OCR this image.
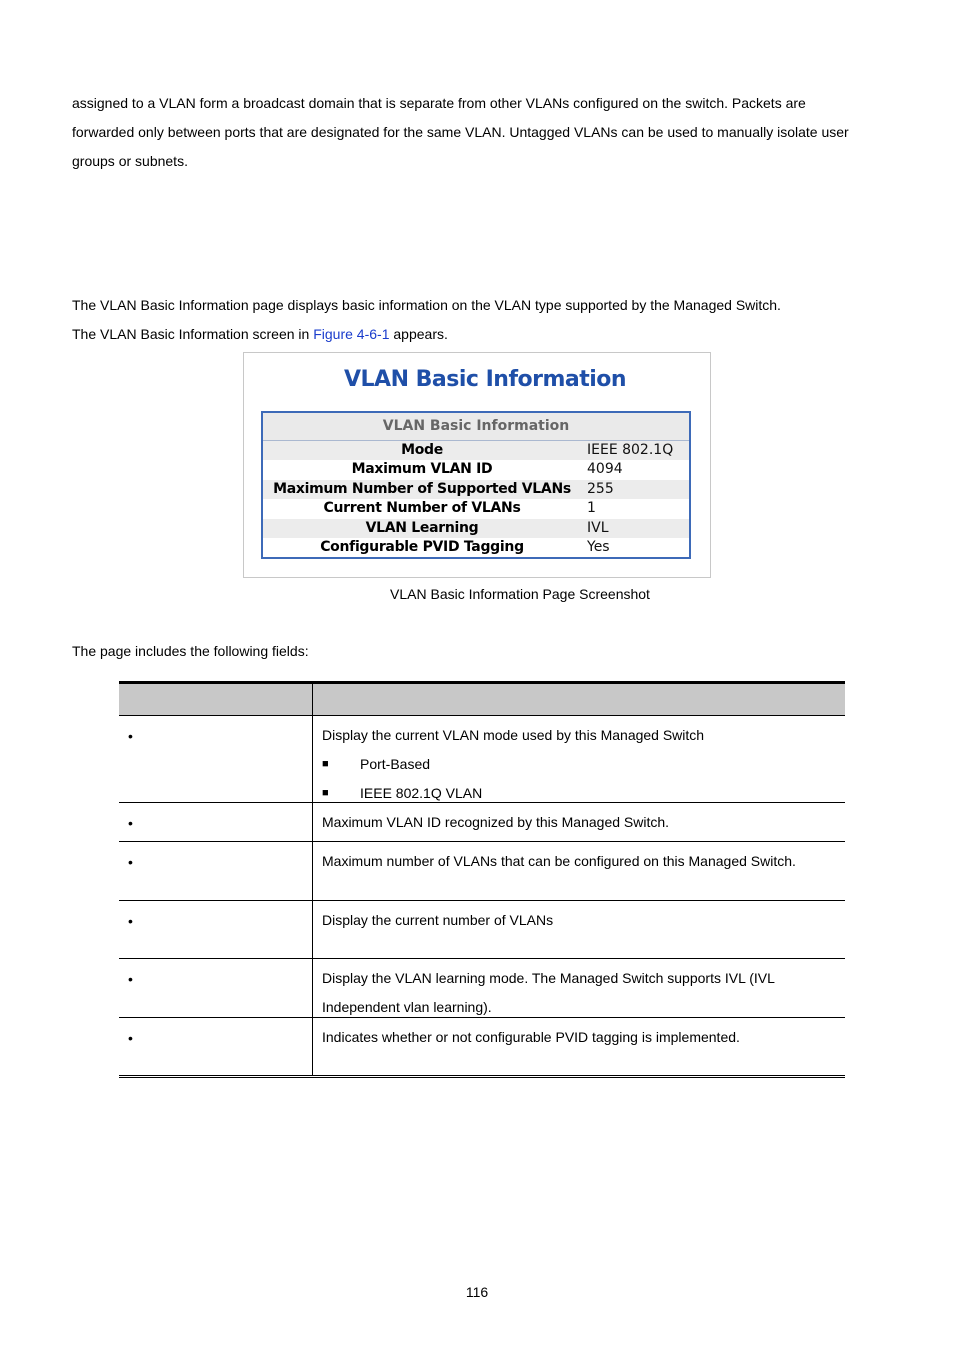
assigned to a VLAN form a broadcast domain that is separate from other VLANs configured on the switch. Packets are

forwarded only between ports that are designated for the same VLAN. Untagged VLANs can be used to manually isolate user

groups or subnets.

The VLAN Basic Information page displays basic information on the VLAN type supported by the Managed Switch.

The VLAN Basic Information screen in Figure 4-6-1 appears.

VLAN Basic Information
VLAN Basic Information
Mode	IEEE 802.1Q
Maximum VLAN ID	4094
Maximum Number of Supported VLANs	255
Current Number of VLANs	1
VLAN Learning	IVL
Configurable PVID Tagging	Yes
VLAN Basic Information Page Screenshot

The page includes the following fields:

•	Display the current VLAN mode used by this Managed Switch
■	Port-Based
■	IEEE 802.1Q VLAN
•	Maximum VLAN ID recognized by this Managed Switch.
•	Maximum number of VLANs that can be configured on this Managed Switch.
•	Display the current number of VLANs
•	Display the VLAN learning mode. The Managed Switch supports IVL (IVL Independent vlan learning).
•	Indicates whether or not configurable PVID tagging is implemented.
116
